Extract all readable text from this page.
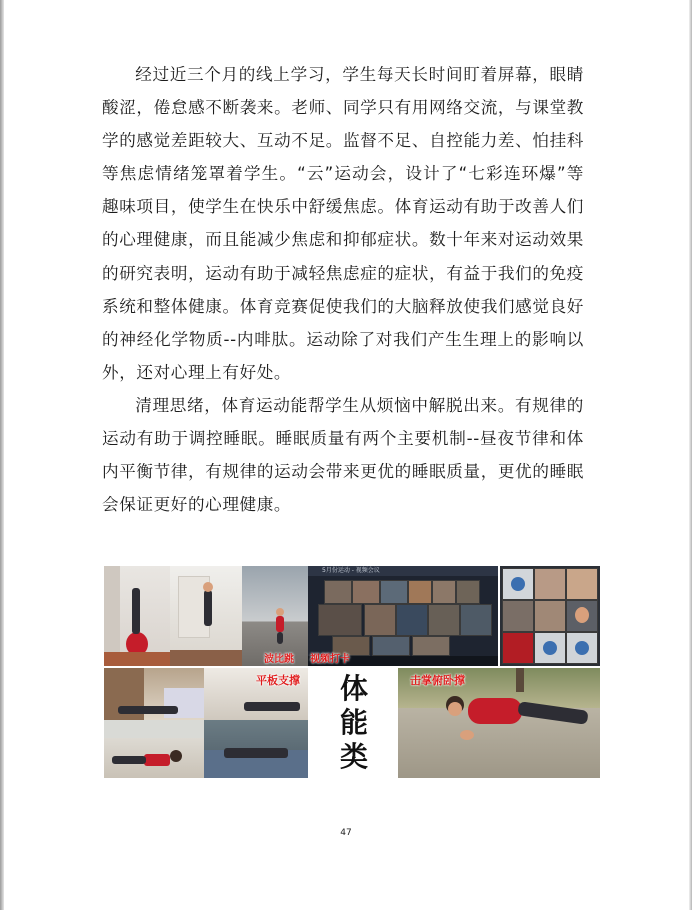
经过近三个月的线上学习，学生每天长时间盯着屏幕，眼睛酸涩，倦怠感不断袭来。老师、同学只有用网络交流，与课堂教学的感觉差距较大、互动不足。监督不足、自控能力差、怕挂科等焦虑情绪笼罩着学生。“云”运动会，设计了“七彩连环爆”等趣味项目，使学生在快乐中舒缓焦虑。体育运动有助于改善人们的心理健康，而且能减少焦虑和抑郁症状。数十年来对运动效果的研究表明，运动有助于减轻焦虑症的症状，有益于我们的免疫系统和整体健康。体育竞赛促使我们的大脑释放使我们感觉良好的神经化学物质--内啡肽。运动除了对我们产生生理上的影响以外，还对心理上有好处。

清理思绪，体育运动能帮学生从烦恼中解脱出来。有规律的运动有助于调控睡眠。睡眠质量有两个主要机制--昼夜节律和体内平衡节律，有规律的运动会带来更优的睡眠质量，更优的睡眠会保证更好的心理健康。

波比跳
5月份运动 - 视频会议
视频打卡
平板支撑 体
能
类
击掌俯卧撑
47
